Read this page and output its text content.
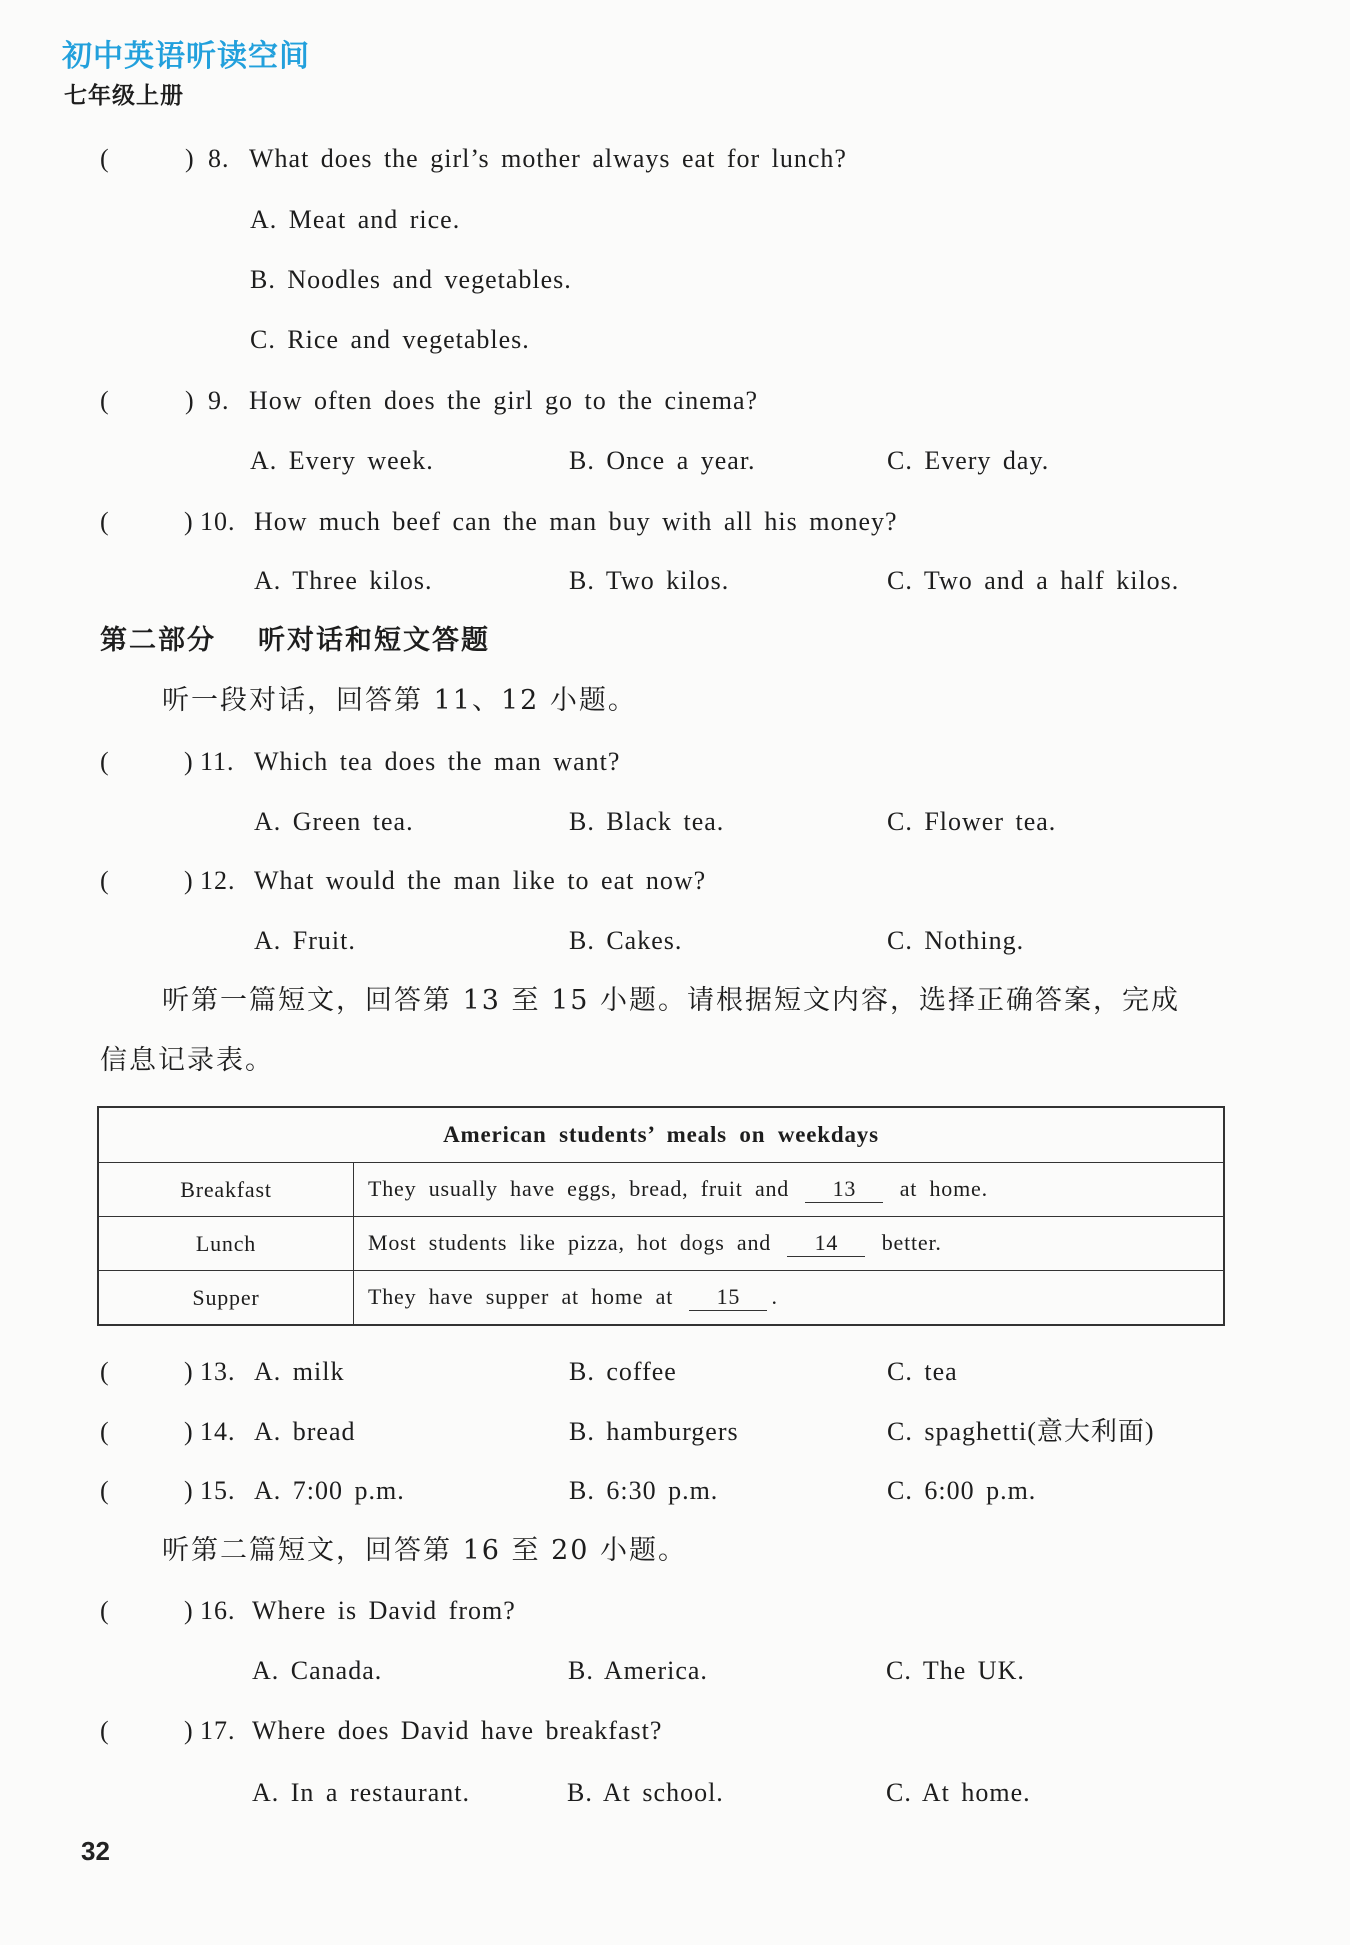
初中英语听读空间
七年级上册
(	) 8. What does the girl’s mother always eat for lunch?
A. Meat and rice.
B. Noodles and vegetables.
C. Rice and vegetables.
(	) 9. How often does the girl go to the cinema?
A. Every week.	B. Once a year.	C. Every day.
(	) 10. How much beef can the man buy with all his money?
A. Three kilos.	B. Two kilos.	C. Two and a half kilos.
第二部分 听对话和短文答题
听一段对话，回答第 11、12 小题。
(	) 11. Which tea does the man want?
A. Green tea.	B. Black tea.	C. Flower tea.
(	) 12. What would the man like to eat now?
A. Fruit.	B. Cakes.	C. Nothing.
听第一篇短文，回答第 13 至 15 小题。请根据短文内容，选择正确答案，完成
信息记录表。
American students’ meals on weekdays	
Breakfast	They usually have eggs, bread, fruit and 13 at home.
Lunch	Most students like pizza, hot dogs and 14 better.
Supper	They have supper at home at 15 .
(	) 13. A. milk	B. coffee	C. tea
(	) 14. A. bread	B. hamburgers	C. spaghetti(意大利面)
(	) 15. A. 7:00 p.m.	B. 6:30 p.m.	C. 6:00 p.m.
听第二篇短文，回答第 16 至 20 小题。
(	) 16. Where is David from?
A. Canada.	B. America.	C. The UK.
(	) 17. Where does David have breakfast?
A. In a restaurant.	B. At school.	C. At home.
32
